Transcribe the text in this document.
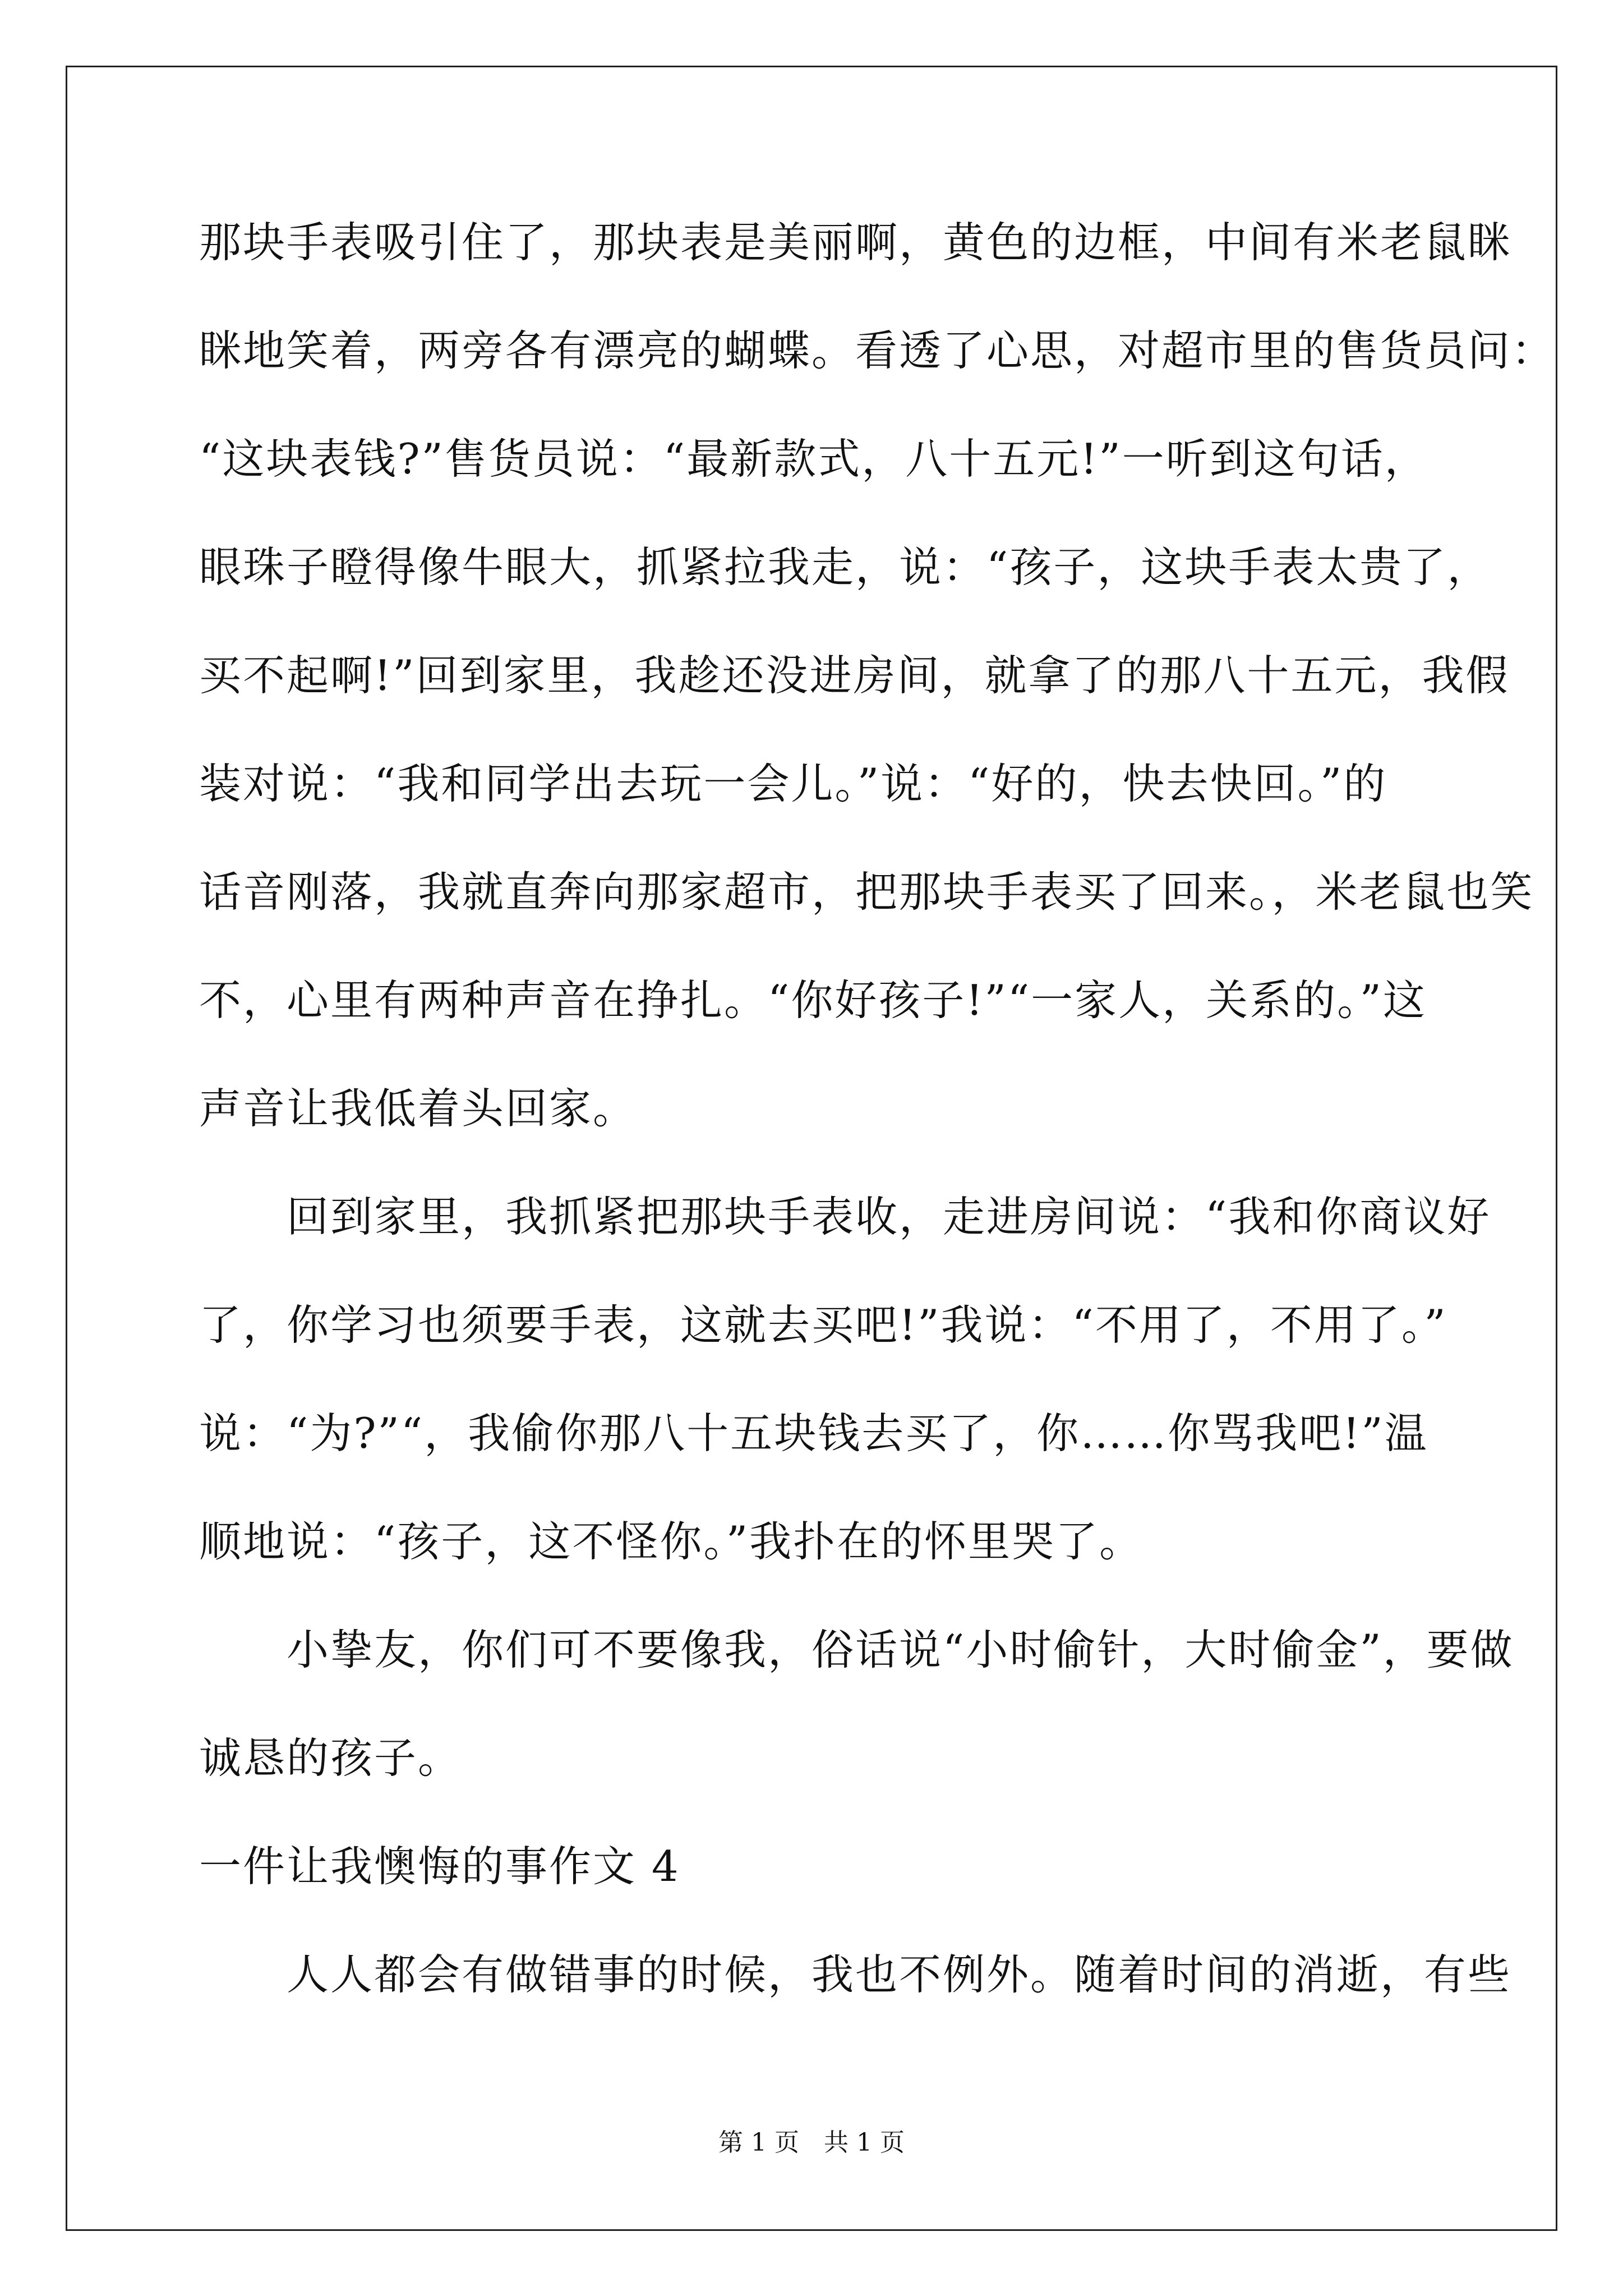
那块手表吸引住了，那块表是美丽啊，黄色的边框，中间有米老鼠眯
眯地笑着，两旁各有漂亮的蝴蝶。看透了心思，对超市里的售货员问：
“这块表钱?”售货员说：“最新款式，八十五元!”一听到这句话，
眼珠子瞪得像牛眼大，抓紧拉我走，说：“孩子，这块手表太贵了，
买不起啊!”回到家里，我趁还没进房间，就拿了的那八十五元，我假
装对说：“我和同学出去玩一会儿。”说：“好的，快去快回。”的
话音刚落，我就直奔向那家超市，把那块手表买了回来。，米老鼠也笑
不，心里有两种声音在挣扎。“你好孩子!”“一家人，关系的。”这
声音让我低着头回家。
　　回到家里，我抓紧把那块手表收，走进房间说：“我和你商议好
了，你学习也须要手表，这就去买吧!”我说：“不用了，不用了。”
说：“为?”“，我偷你那八十五块钱去买了，你……你骂我吧!”温
顺地说：“孩子，这不怪你。”我扑在的怀里哭了。
　　小挚友，你们可不要像我，俗话说“小时偷针，大时偷金”，要做
诚恳的孩子。
一件让我懊悔的事作文 4
　　人人都会有做错事的时候，我也不例外。随着时间的消逝，有些
第 1 页　共 1 页
